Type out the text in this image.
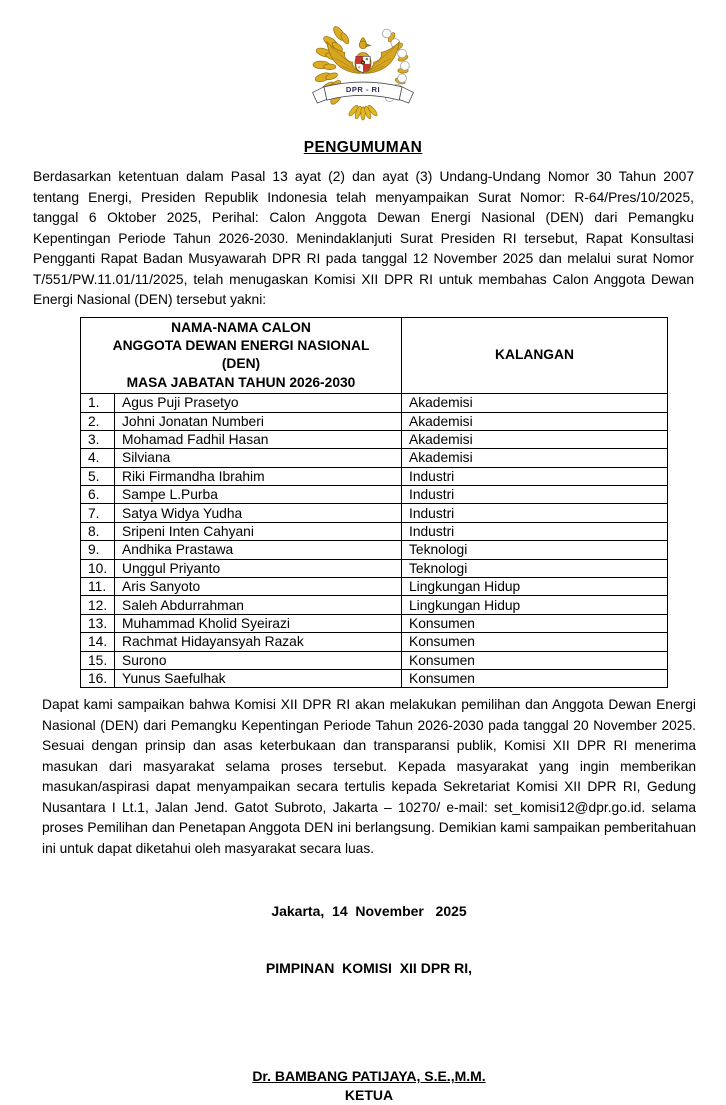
DPR - RI
PENGUMUMAN

Berdasarkan ketentuan dalam Pasal 13 ayat (2) dan ayat (3) Undang-Undang Nomor 30 Tahun 2007 tentang Energi, Presiden Republik Indonesia telah menyampaikan Surat Nomor: R-64/Pres/10/2025, tanggal 6 Oktober 2025, Perihal: Calon Anggota Dewan Energi Nasional (DEN) dari Pemangku Kepentingan Periode Tahun 2026-2030. Menindaklanjuti Surat Presiden RI tersebut, Rapat Konsultasi Pengganti Rapat Badan Musyawarah DPR RI pada tanggal 12 November 2025 dan melalui surat Nomor T/551/PW.11.01/11/2025, telah menugaskan Komisi XII DPR RI untuk membahas Calon Anggota Dewan Energi Nasional (DEN) tersebut yakni:

NAMA-NAMA CALON
ANGGOTA DEWAN ENERGI NASIONAL
(DEN)
MASA JABATAN TAHUN 2026-2030		KALANGAN
1.	Agus Puji Prasetyo	Akademisi
2.	Johni Jonatan Numberi	Akademisi
3.	Mohamad Fadhil Hasan	Akademisi
4.	Silviana	Akademisi
5.	Riki Firmandha Ibrahim	Industri
6.	Sampe L.Purba	Industri
7.	Satya Widya Yudha	Industri
8.	Sripeni Inten Cahyani	Industri
9.	Andhika Prastawa	Teknologi
10.	Unggul Priyanto	Teknologi
11.	Aris Sanyoto	Lingkungan Hidup
12.	Saleh Abdurrahman	Lingkungan Hidup
13.	Muhammad Kholid Syeirazi	Konsumen
14.	Rachmat Hidayansyah Razak	Konsumen
15.	Surono	Konsumen
16.	Yunus Saefulhak	Konsumen

Dapat kami sampaikan bahwa Komisi XII DPR RI akan melakukan pemilihan dan Anggota Dewan Energi Nasional (DEN) dari Pemangku Kepentingan Periode Tahun 2026-2030 pada tanggal 20 November 2025. Sesuai dengan prinsip dan asas keterbukaan dan transparansi publik, Komisi XII DPR RI menerima masukan dari masyarakat selama proses tersebut. Kepada masyarakat yang ingin memberikan masukan/aspirasi dapat menyampaikan secara tertulis kepada Sekretariat Komisi XII DPR RI, Gedung Nusantara I Lt.1, Jalan Jend. Gatot Subroto, Jakarta – 10270/ e-mail: set_komisi12@dpr.go.id. selama proses Pemilihan dan Penetapan Anggota DEN ini berlangsung. Demikian kami sampaikan pemberitahuan ini untuk dapat diketahui oleh masyarakat secara luas.

Jakarta,  14  November   2025

PIMPINAN  KOMISI  XII DPR RI,

Dr. BAMBANG PATIJAYA, S.E.,M.M.
KETUA
